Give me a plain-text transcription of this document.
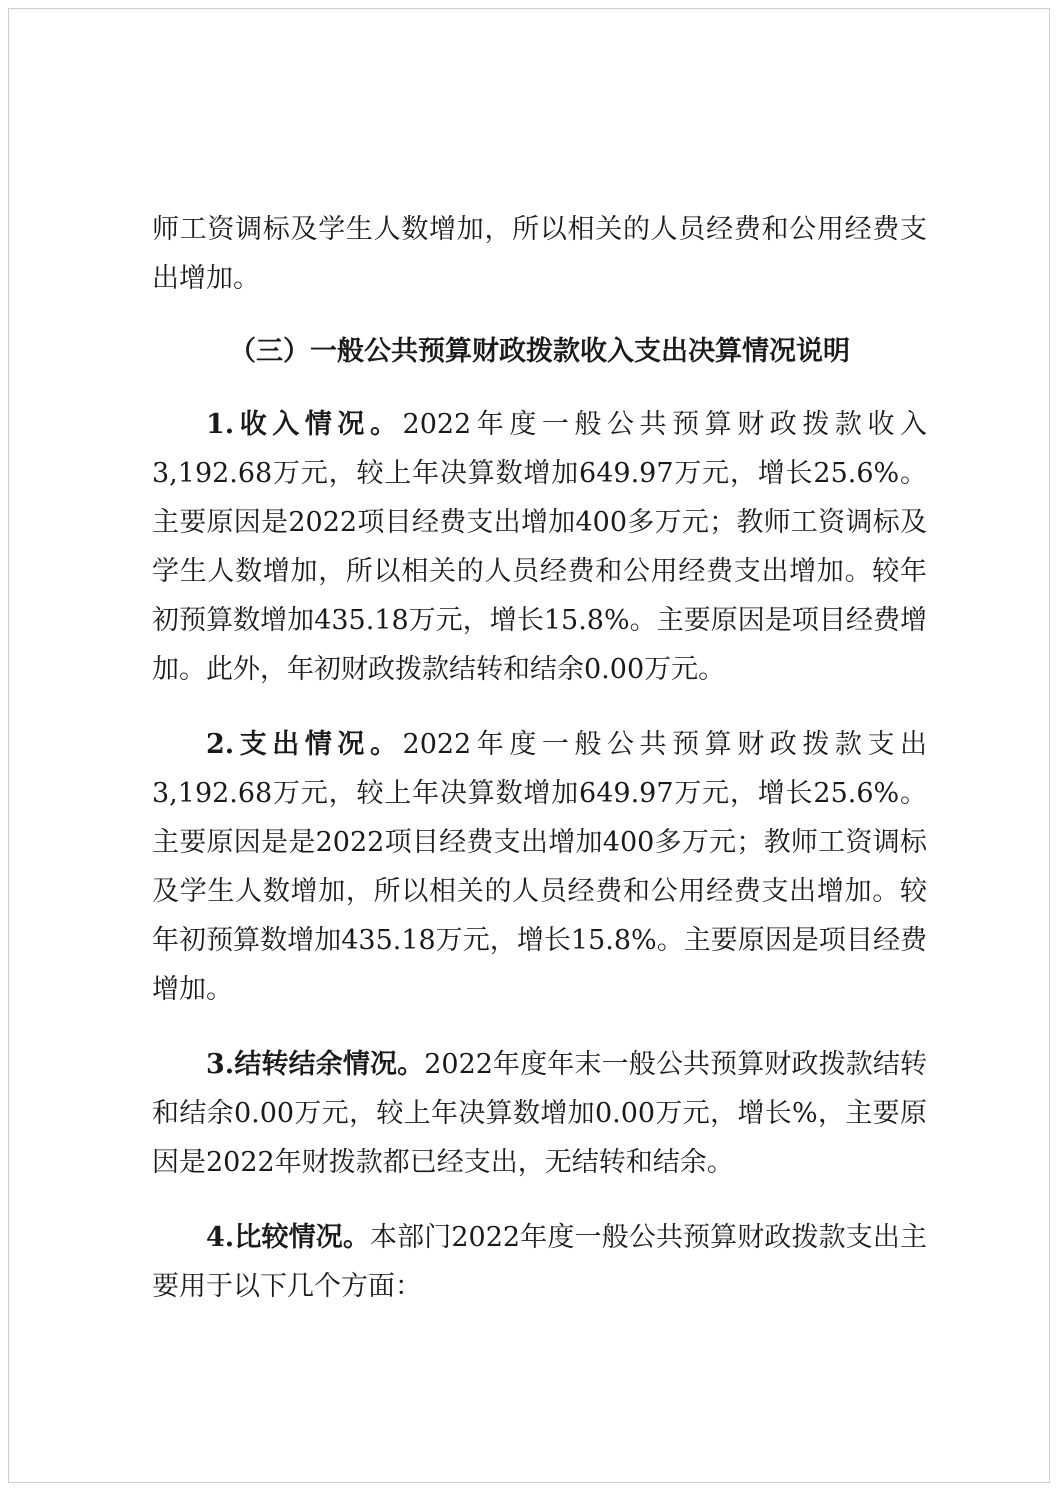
师工资调标及学生人数增加，所以相关的人员经费和公用经费支出增加。

（三）一般公共预算财政拨款收入支出决算情况说明

1.收入情况。2022年度一般公共预算财政拨款收入3,192.68万元，较上年决算数增加649.97万元，增长25.6%。主要原因是2022项目经费支出增加400多万元；教师工资调标及学生人数增加，所以相关的人员经费和公用经费支出增加。较年初预算数增加435.18万元，增长15.8%。主要原因是项目经费增加。此外，年初财政拨款结转和结余0.00万元。

2.支出情况。2022年度一般公共预算财政拨款支出3,192.68万元，较上年决算数增加649.97万元，增长25.6%。主要原因是是2022项目经费支出增加400多万元；教师工资调标及学生人数增加，所以相关的人员经费和公用经费支出增加。较年初预算数增加435.18万元，增长15.8%。主要原因是项目经费增加。

3.结转结余情况。2022年度年末一般公共预算财政拨款结转和结余0.00万元，较上年决算数增加0.00万元，增长%，主要原因是2022年财拨款都已经支出，无结转和结余。

4.比较情况。本部门2022年度一般公共预算财政拨款支出主要用于以下几个方面：
